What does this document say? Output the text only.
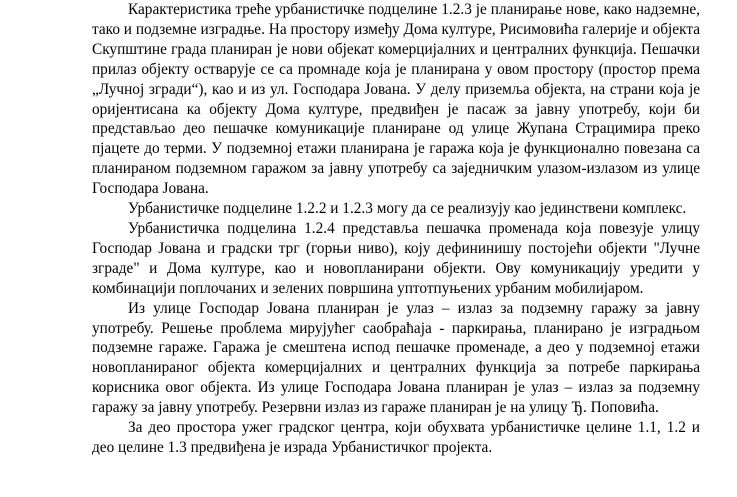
Карактеристика треће урбанистичке подцелине 1.2.3 је планирање нове, како надземне, тако и подземне изградње. На простору између Дома културе, Рисимовића галерије и објекта Скупштине града планиран је нови објекат комерцијалних и централних функција. Пешачки прилаз објекту остварује се са промнаде која је планирана у овом простору (простор према „Лучној згради“), као и из ул. Господара Јована. У делу приземља објекта, на страни која је оријентисана ка објекту Дома културе, предвиђен је пасаж за јавну употребу, који би представљао део пешачке комуникације планиране од улице Жупана Страцимира преко пјацете до терми. У подземној етажи планирана је гаража која је функционално повезана са планираном подземном гаражом за јавну употребу са заједничким улазом-излазом из улице Господара Јована.

Урбанистичке подцелине 1.2.2 и 1.2.3 могу да се реализују као јединствени комплекс.

Урбанистичка подцелина 1.2.4 представља пешачка променада која повезује улицу Господар Јована и градски трг (горњи ниво), коју дефининишу постојећи објекти "Лучне зграде" и Дома културе, као и новопланирани објекти. Ову комуникацију уредити у комбинацији поплочаних и зелених површина уптотпуњених урбаним мобилијаром.

Из улице Господар Јована планиран је улаз – излаз за подземну гаражу за јавну употребу. Решење проблема мирујућег саобраћаја - паркирања, планирано је изградњом подземне гараже. Гаража је смештена испод пешачке променаде, а део у подземној етажи новопланираног објекта комерцијалних и централних функција за потребе паркирања корисника овог објекта. Из улице Господара Јована планиран је улаз – излаз за подземну гаражу за јавну употребу. Резервни излаз из гараже планиран је на улицу Ђ. Поповића.

За део простора ужег градског центра, који обухвата урбанистичке целине 1.1, 1.2 и део целине 1.3 предвиђена је израда Урбанистичког пројекта.
